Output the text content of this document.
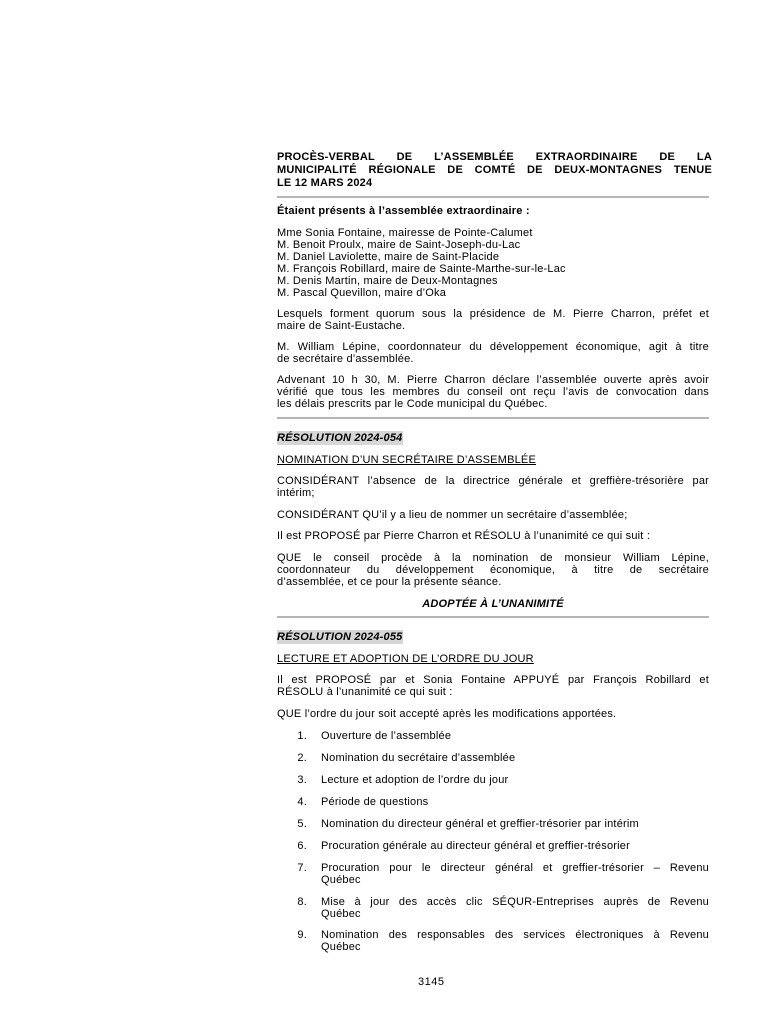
PROCÈS-VERBAL DE L’ASSEMBLÉE EXTRAORDINAIRE DE LA
MUNICIPALITÉ RÉGIONALE DE COMTÉ DE DEUX-MONTAGNES TENUE
LE 12 MARS 2024
Étaient présents à l’assemblée extraordinaire :
Mme Sonia Fontaine, mairesse de Pointe-Calumet
M. Benoit Proulx, maire de Saint-Joseph-du-Lac
M. Daniel Laviolette, maire de Saint-Placide
M. François Robillard, maire de Sainte-Marthe-sur-le-Lac
M. Denis Martin, maire de Deux-Montagnes
M. Pascal Quevillon, maire d’Oka
Lesquels forment quorum sous la présidence de M. Pierre Charron, préfet et
maire de Saint-Eustache.
M. William Lépine, coordonnateur du développement économique, agit à titre
de secrétaire d’assemblée.
Advenant 10 h 30, M. Pierre Charron déclare l’assemblée ouverte après avoir
vérifié que tous les membres du conseil ont reçu l’avis de convocation dans
les délais prescrits par le Code municipal du Québec.
RÉSOLUTION 2024-054
NOMINATION D’UN SECRÉTAIRE D’ASSEMBLÉE
CONSIDÉRANT l’absence de la directrice générale et greffière-trésorière par
intérim;
CONSIDÉRANT QU’il y a lieu de nommer un secrétaire d’assemblée;
Il est PROPOSÉ par Pierre Charron et RÉSOLU à l’unanimité ce qui suit :
QUE le conseil procède à la nomination de monsieur William Lépine,
coordonnateur du développement économique, à titre de secrétaire
d’assemblée, et ce pour la présente séance.
ADOPTÉE À L’UNANIMITÉ
RÉSOLUTION 2024-055
LECTURE ET ADOPTION DE L’ORDRE DU JOUR
Il est PROPOSÉ par et Sonia Fontaine APPUYÉ par François Robillard et
RÉSOLU à l’unanimité ce qui suit :
QUE l’ordre du jour soit accepté après les modifications apportées.
1. Ouverture de l’assemblée
2. Nomination du secrétaire d’assemblée
3. Lecture et adoption de l’ordre du jour
4. Période de questions
5. Nomination du directeur général et greffier-trésorier par intérim
6. Procuration générale au directeur général et greffier-trésorier
7. Procuration pour le directeur général et greffier-trésorier – Revenu
Québec
8. Mise à jour des accès clic SÉQUR-Entreprises auprès de Revenu
Québec
9. Nomination des responsables des services électroniques à Revenu
Québec
3145
